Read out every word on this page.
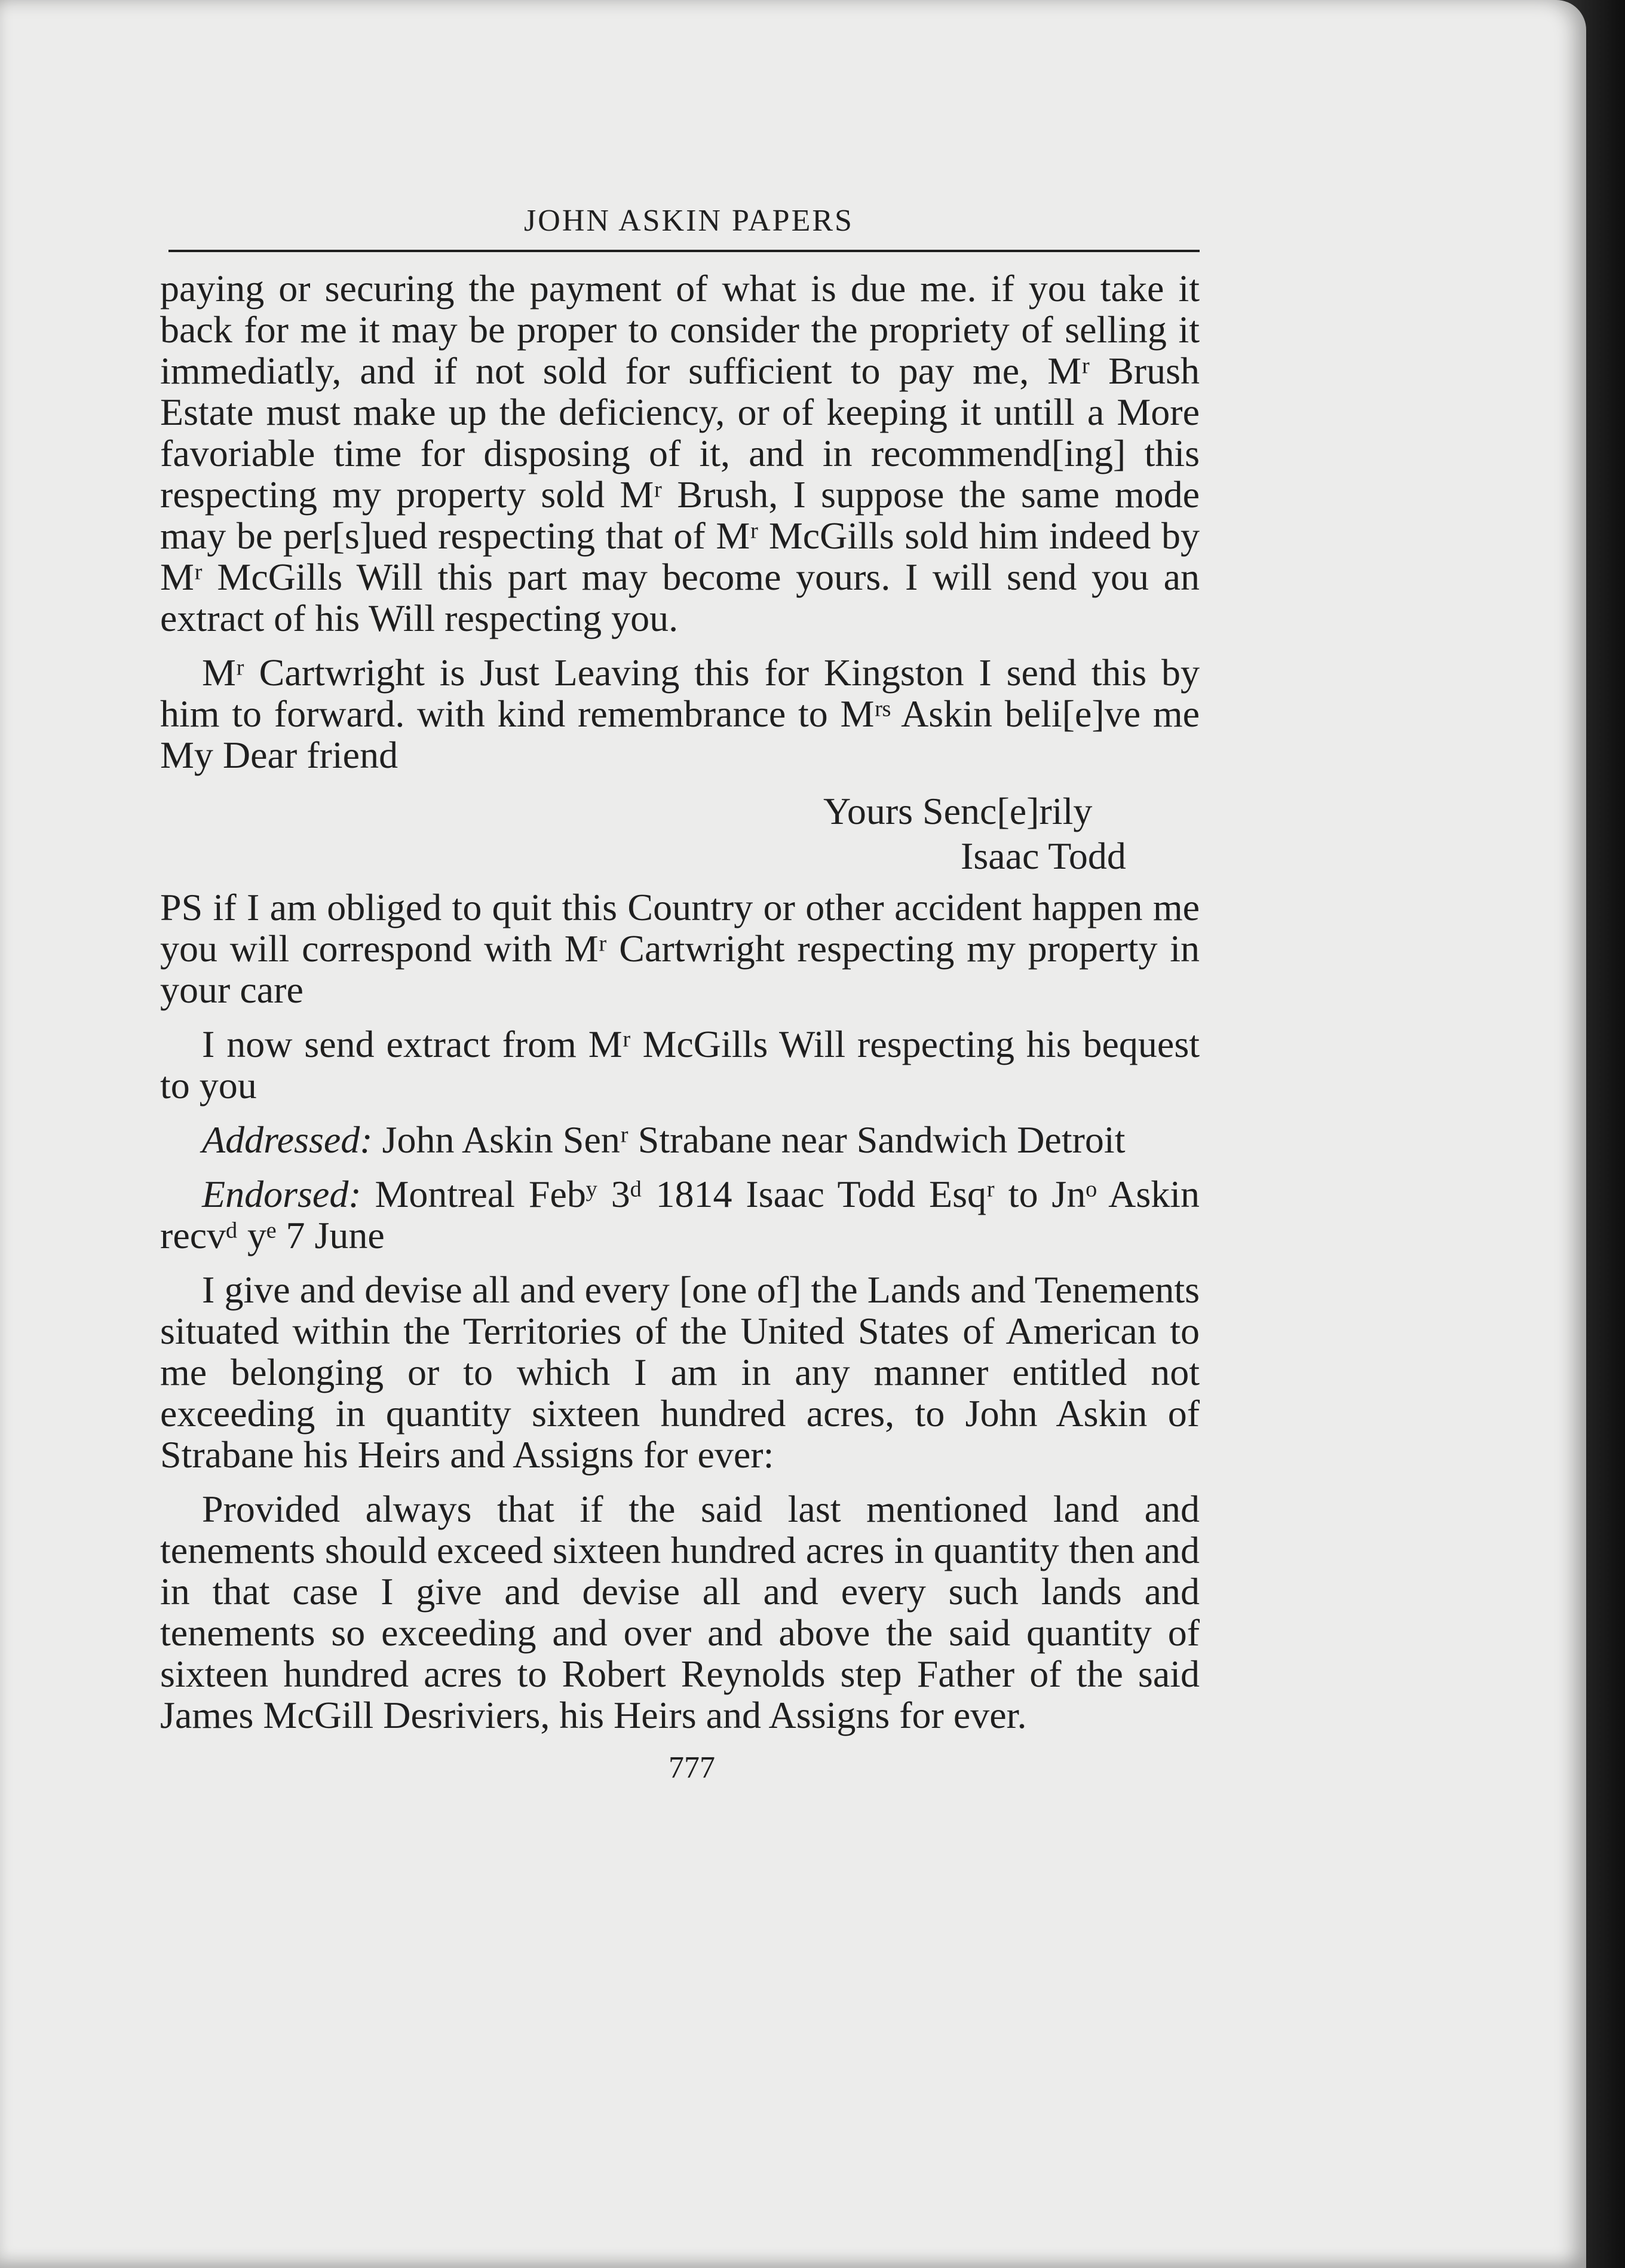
JOHN ASKIN PAPERS

paying or securing the payment of what is due me. if you take it back for me it may be proper to consider the propriety of selling it immediatly, and if not sold for sufficient to pay me, Mʳ Brush Estate must make up the deficiency, or of keeping it untill a More favoriable time for disposing of it, and in recommend[ing] this respecting my property sold Mʳ Brush, I suppose the same mode may be per[s]ued respecting that of Mʳ McGills sold him indeed by Mʳ McGills Will this part may become yours. I will send you an extract of his Will respecting you.

Mʳ Cartwright is Just Leaving this for Kingston I send this by him to forward. with kind remembrance to Mʳˢ Askin beli[e]ve me My Dear friend

Yours Senc[e]rily
Isaac Todd

PS if I am obliged to quit this Country or other accident happen me you will correspond with Mʳ Cartwright respecting my property in your care

I now send extract from Mʳ McGills Will respecting his bequest to you

Addressed: John Askin Senʳ Strabane near Sandwich Detroit

Endorsed: Montreal Febʸ 3ᵈ 1814 Isaac Todd Esqʳ to Jnᵒ Askin recvᵈ yᵉ 7 June

I give and devise all and every [one of] the Lands and Tenements situated within the Territories of the United States of American to me belonging or to which I am in any manner entitled not exceeding in quantity sixteen hundred acres, to John Askin of Strabane his Heirs and Assigns for ever:

Provided always that if the said last mentioned land and tenements should exceed sixteen hundred acres in quantity then and in that case I give and devise all and every such lands and tenements so exceeding and over and above the said quantity of sixteen hundred acres to Robert Reynolds step Father of the said James McGill Desriviers, his Heirs and Assigns for ever.

777
